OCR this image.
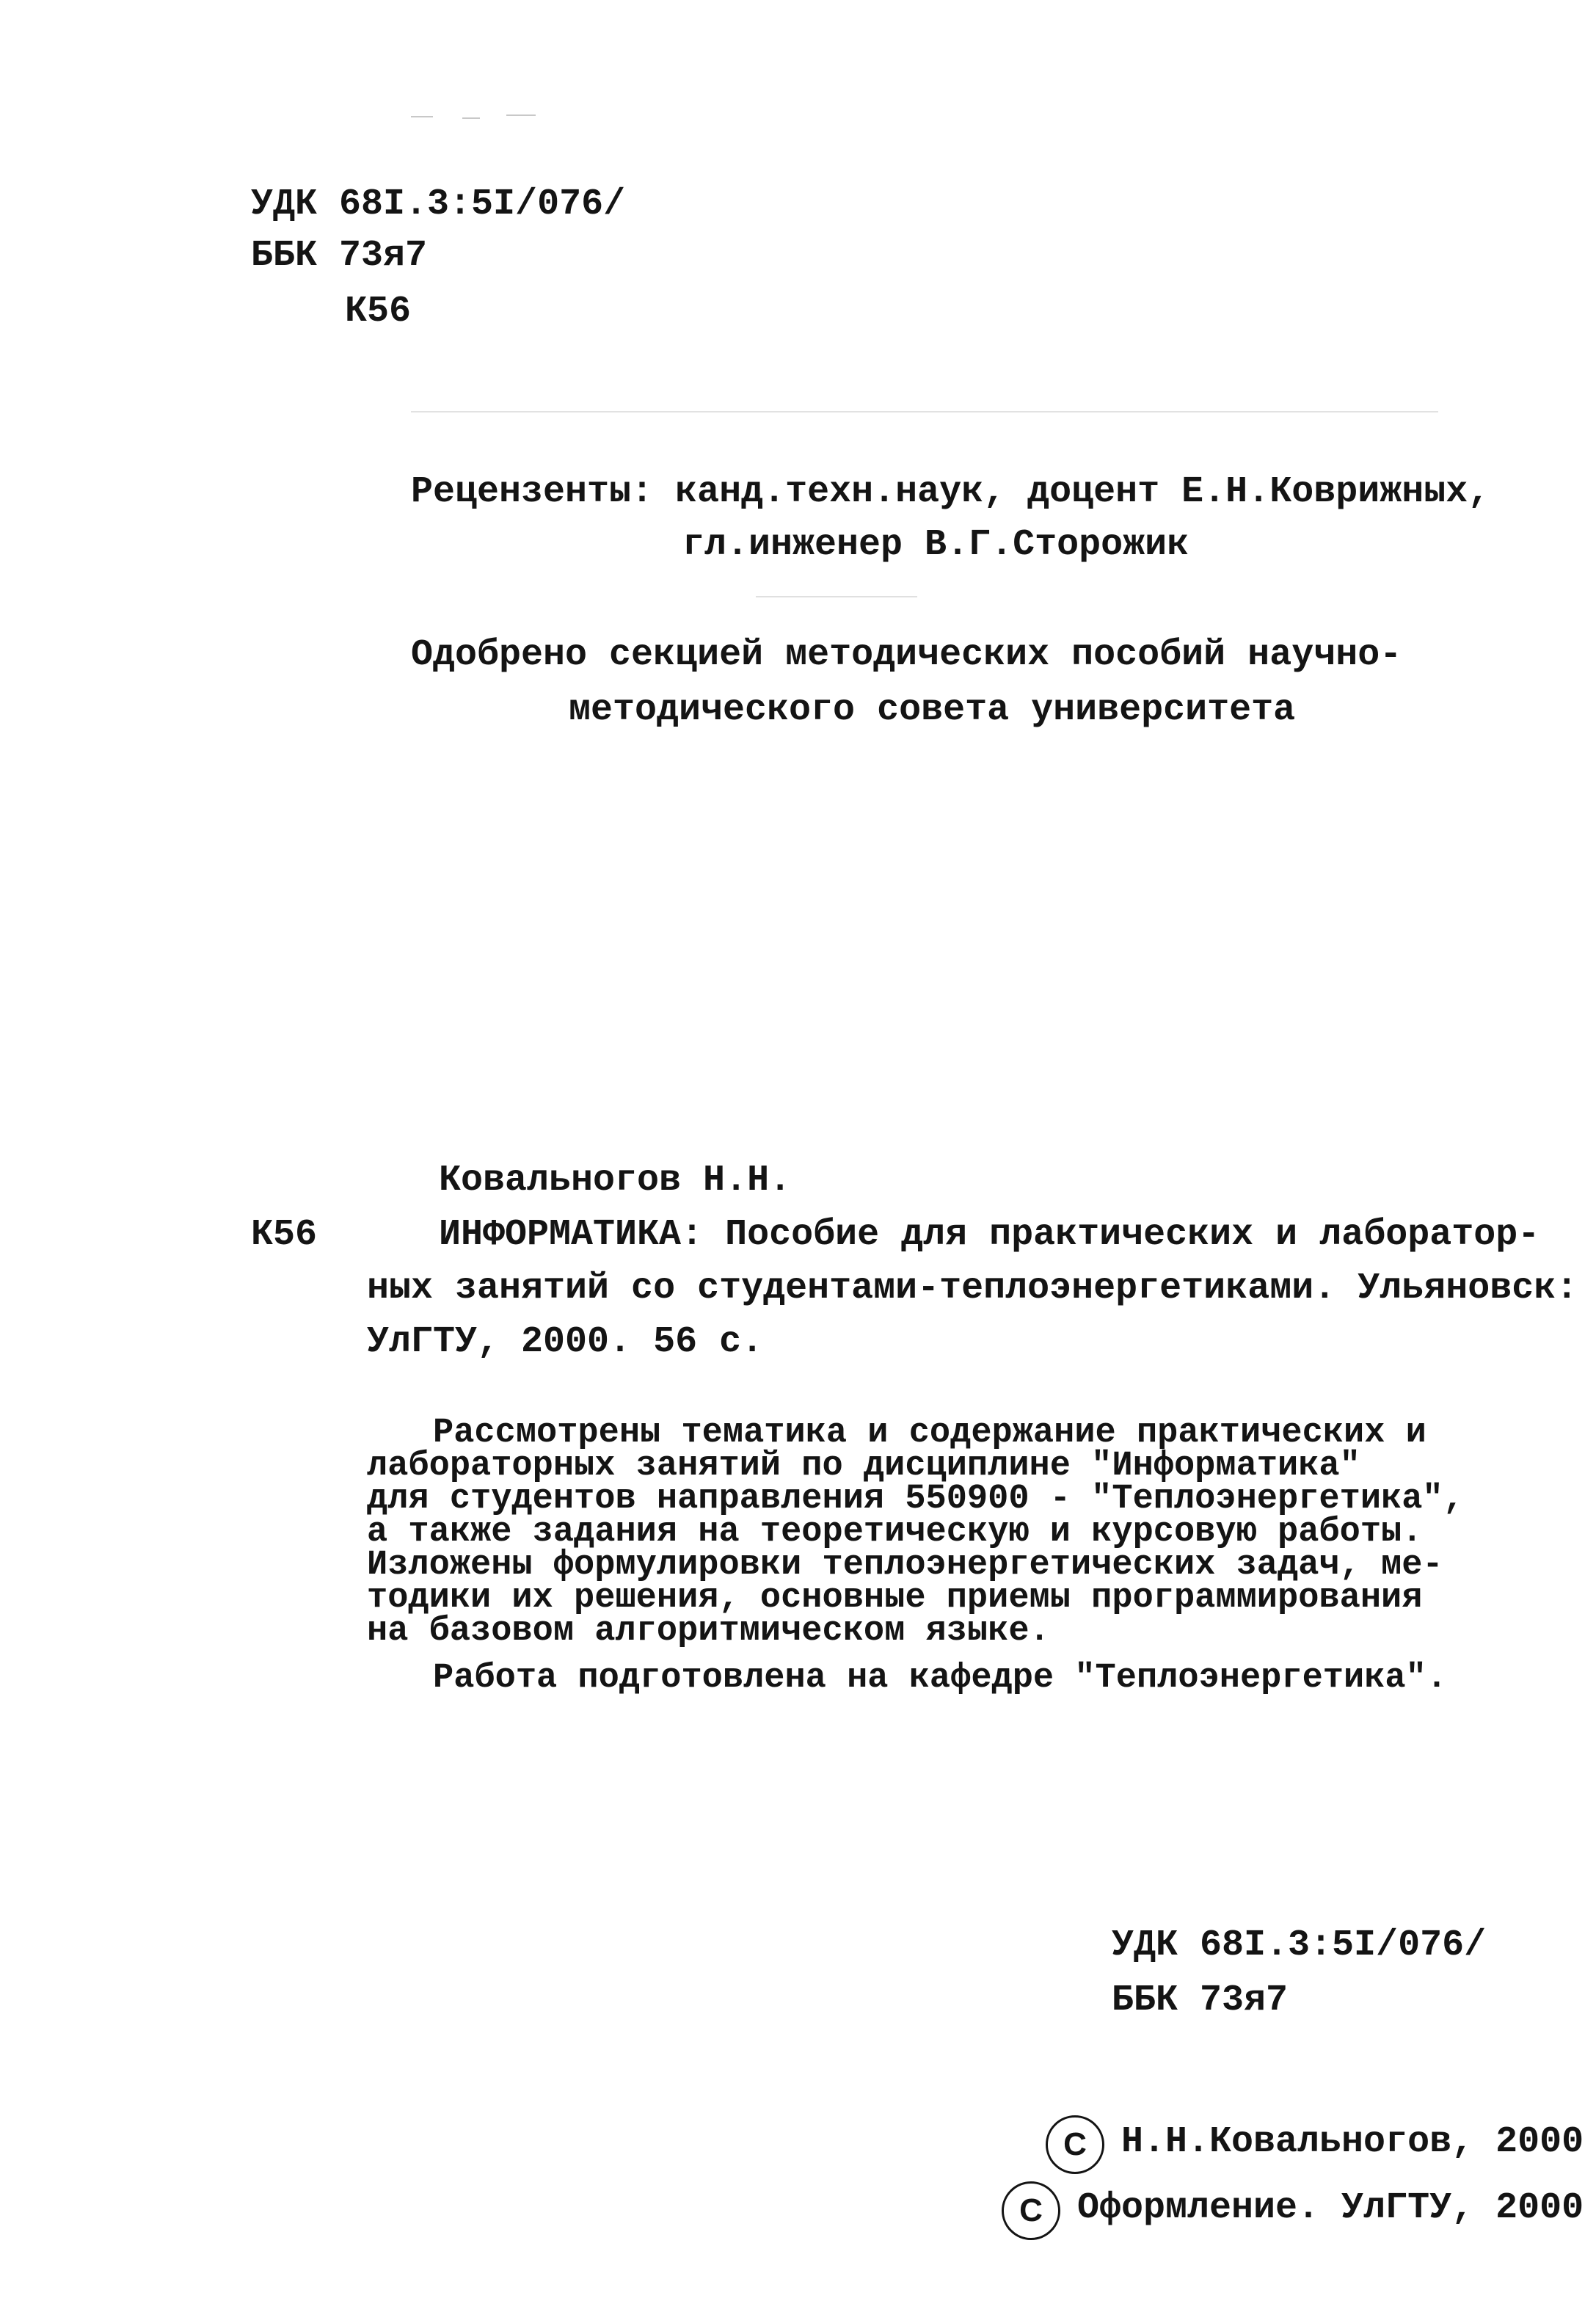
УДК 68I.3:5I/076/
ББК 73я7
К56
Рецензенты: канд.техн.наук, доцент Е.Н.Коврижных,
гл.инженер В.Г.Сторожик
Одобрено секцией методических пособий научно-
методического совета университета
Ковальногов Н.Н.
К56	ИНФОРМАТИКА: Пособие для практических и лаборатор-
ных занятий со студентами-теплоэнергетиками. Ульяновск:
УлГТУ, 2000. 56 с.
Рассмотрены тематика и содержание практических и
лабораторных занятий по дисциплине "Информатика"
для студентов направления 550900 - "Теплоэнергетика",
а также задания на теоретическую и курсовую работы.
Изложены формулировки теплоэнергетических задач, ме-
тодики их решения, основные приемы программирования
на базовом алгоритмическом языке.
Работа подготовлена на кафедре "Теплоэнергетика".
УДК 68I.3:5I/076/
ББК 73я7
С Н.Н.Ковальногов, 2000
С Оформление. УлГТУ, 2000
